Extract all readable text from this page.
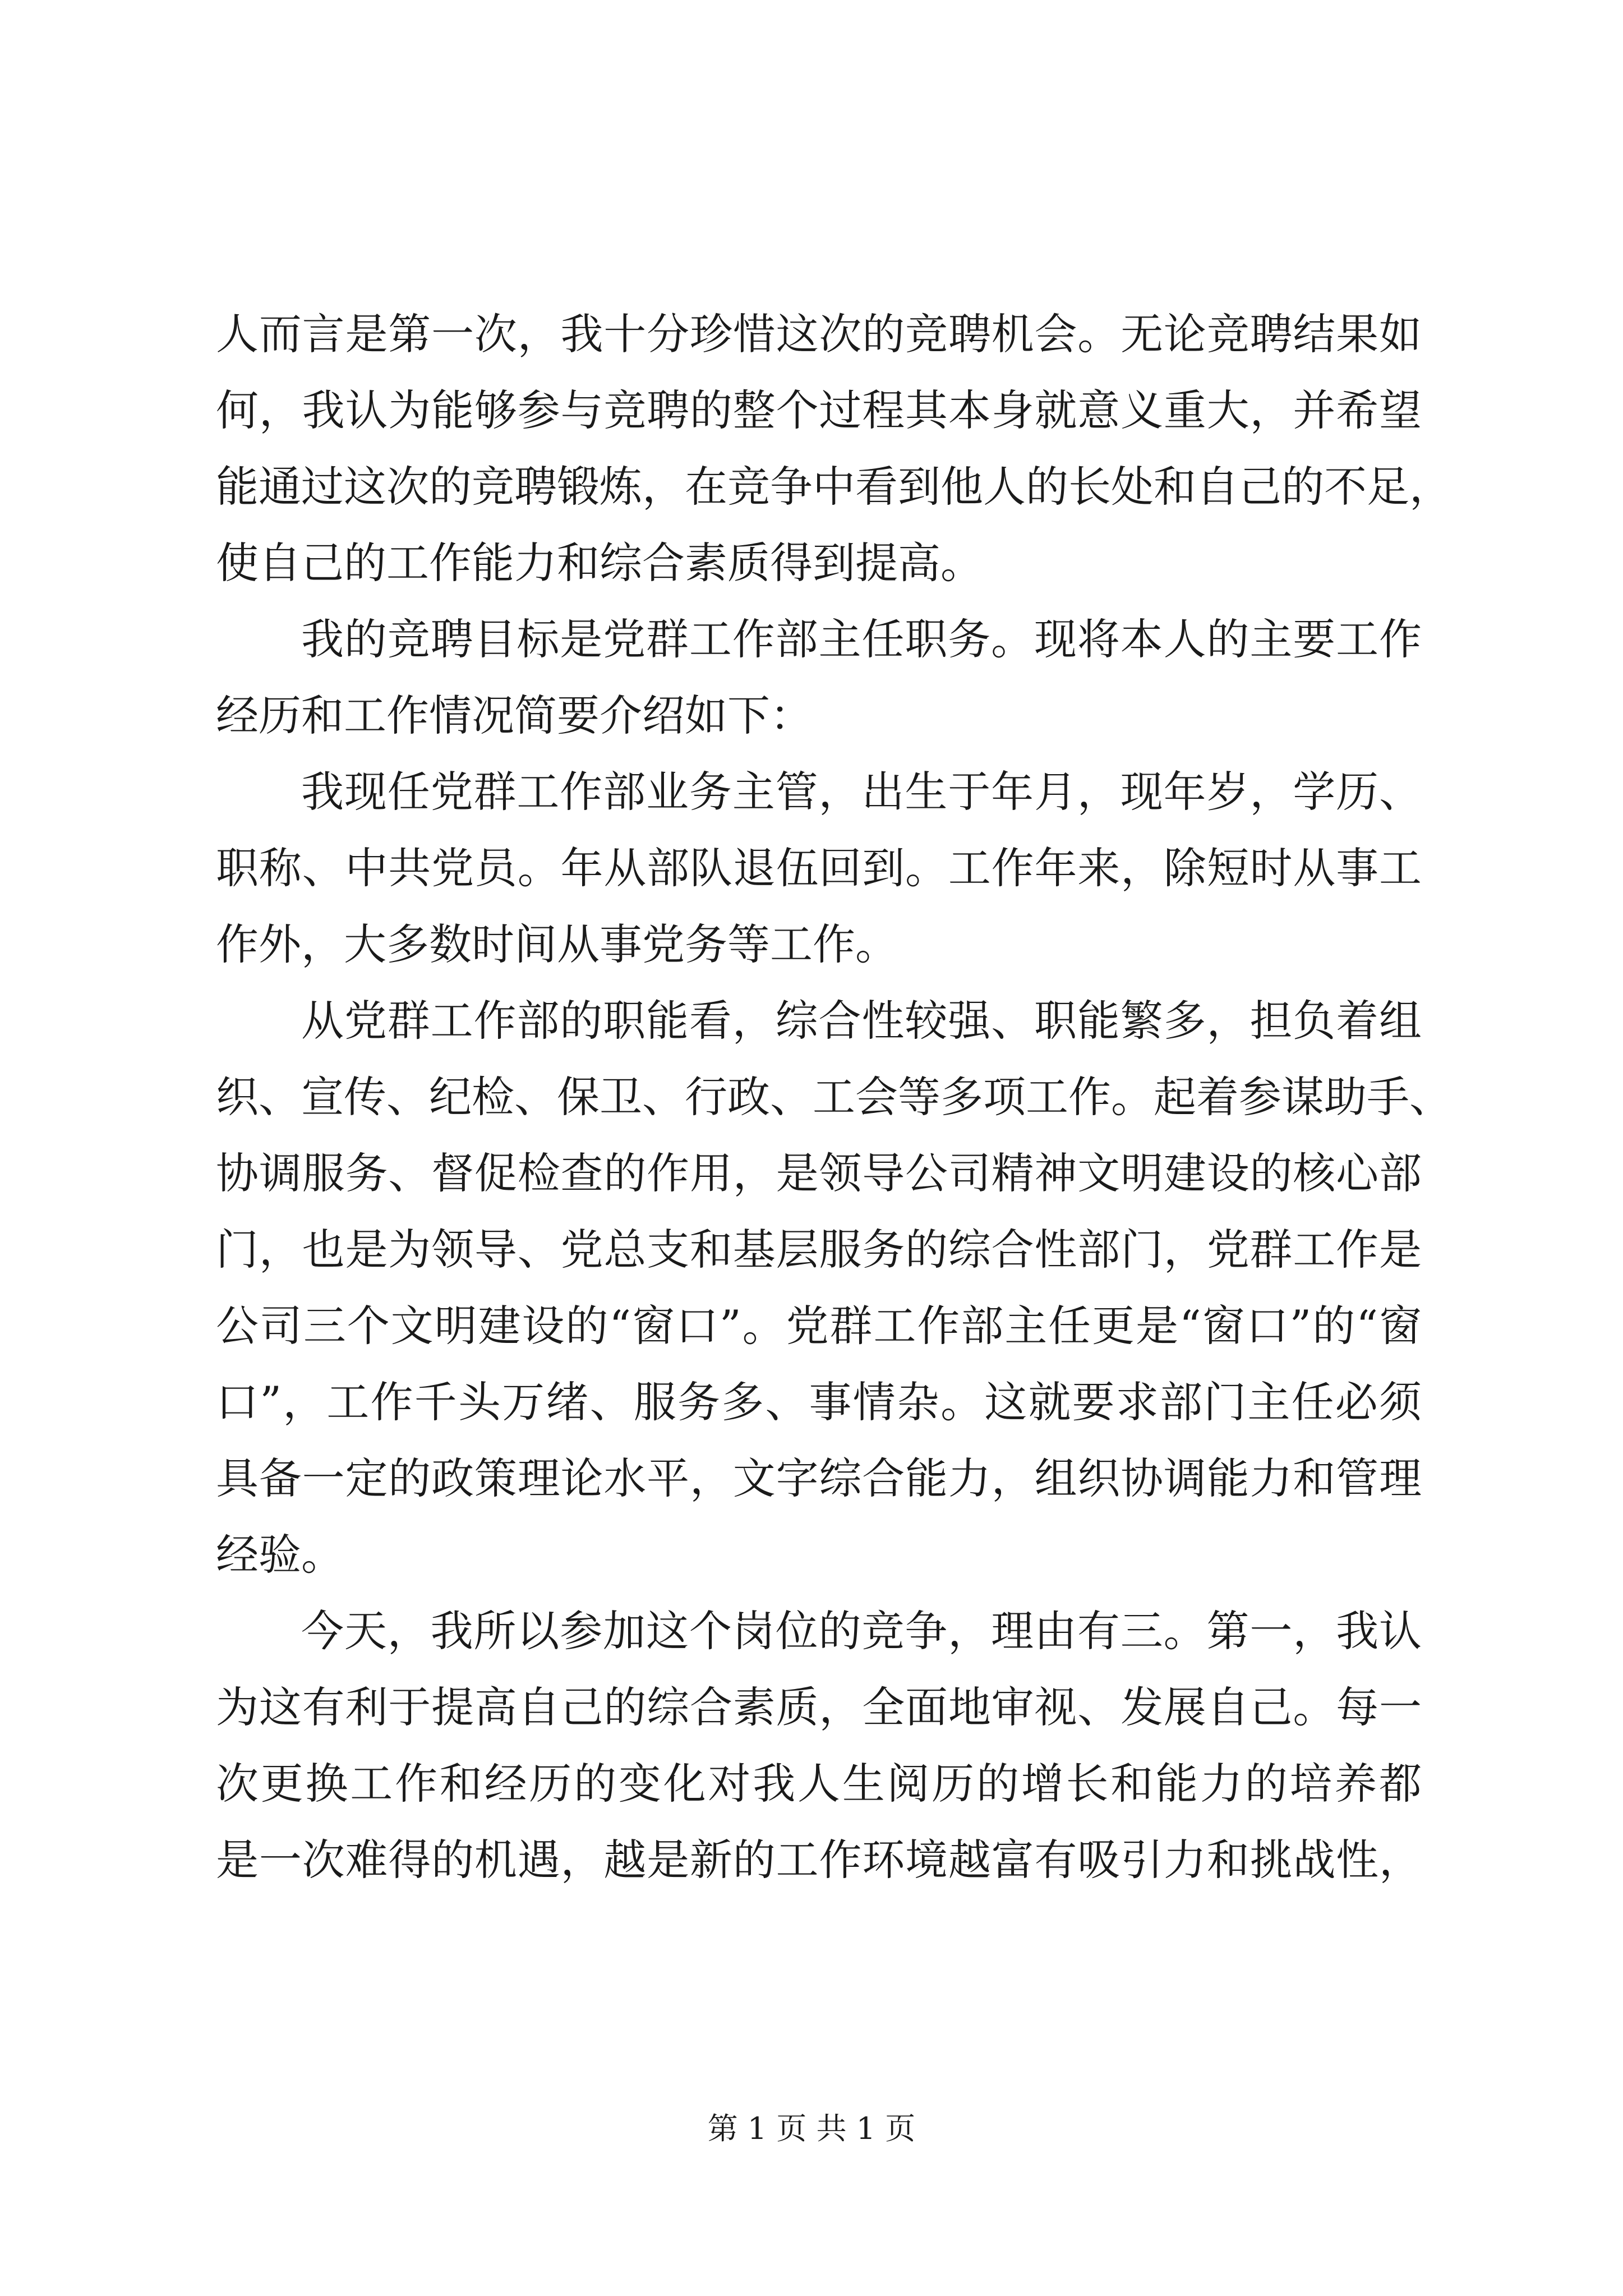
人而言是第一次，我十分珍惜这次的竞聘机会。无论竞聘结果如
何，我认为能够参与竞聘的整个过程其本身就意义重大，并希望
能通过这次的竞聘锻炼，在竞争中看到他人的长处和自己的不足，
使自己的工作能力和综合素质得到提高。
我的竞聘目标是党群工作部主任职务。现将本人的主要工作
经历和工作情况简要介绍如下：
我现任党群工作部业务主管，出生于年月，现年岁，学历、
职称、中共党员。年从部队退伍回到。工作年来，除短时从事工
作外，大多数时间从事党务等工作。
从党群工作部的职能看，综合性较强、职能繁多，担负着组
织、宣传、纪检、保卫、行政、工会等多项工作。起着参谋助手、
协调服务、督促检查的作用，是领导公司精神文明建设的核心部
门，也是为领导、党总支和基层服务的综合性部门，党群工作是
公司三个文明建设的“窗口”。党群工作部主任更是“窗口”的“窗
口”，工作千头万绪、服务多、事情杂。这就要求部门主任必须
具备一定的政策理论水平，文字综合能力，组织协调能力和管理
经验。
今天，我所以参加这个岗位的竞争，理由有三。第一，我认
为这有利于提高自己的综合素质，全面地审视、发展自己。每一
次更换工作和经历的变化对我人生阅历的增长和能力的培养都
是一次难得的机遇，越是新的工作环境越富有吸引力和挑战性，
第 1 页 共 1 页
